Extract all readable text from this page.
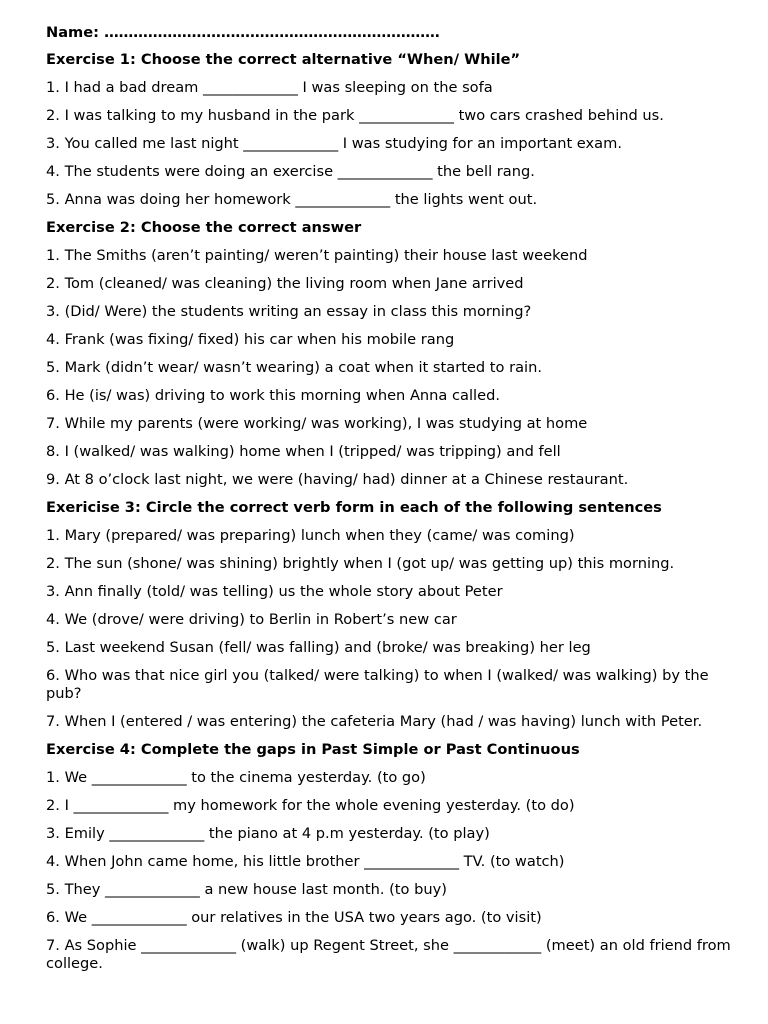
Name: ……………………………………………………………
Exercise 1: Choose the correct alternative “When/ While”
1. I had a bad dream _____________ I was sleeping on the sofa
2. I was talking to my husband in the park _____________ two cars crashed behind us.
3. You called me last night _____________ I was studying for an important exam.
4. The students were doing an exercise _____________ the bell rang.
5. Anna was doing her homework _____________ the lights went out.
Exercise 2: Choose the correct answer
1. The Smiths (aren’t painting/ weren’t painting) their house last weekend
2. Tom (cleaned/ was cleaning) the living room when Jane arrived
3. (Did/ Were) the students writing an essay in class this morning?
4. Frank (was fixing/ fixed) his car when his mobile rang
5. Mark (didn’t wear/ wasn’t wearing) a coat when it started to rain.
6. He (is/ was) driving to work this morning when Anna called.
7. While my parents (were working/ was working), I was studying at home
8. I (walked/ was walking) home when I (tripped/ was tripping) and fell
9. At 8 o’clock last night, we were (having/ had) dinner at a Chinese restaurant.
Exericise 3: Circle the correct verb form in each of the following sentences
1. Mary (prepared/ was preparing) lunch when they (came/ was coming)
2. The sun (shone/ was shining) brightly when I (got up/ was getting up) this morning.
3. Ann finally (told/ was telling) us the whole story about Peter
4. We (drove/ were driving) to Berlin in Robert’s new car
5. Last weekend Susan (fell/ was falling) and (broke/ was breaking) her leg
6. Who was that nice girl you (talked/ were talking) to when I (walked/ was walking) by the pub?
7. When I (entered / was entering) the cafeteria Mary (had / was having) lunch with Peter.
Exercise 4: Complete the gaps in Past Simple or Past Continuous
1. We _____________ to the cinema yesterday. (to go)
2. I _____________ my homework for the whole evening yesterday. (to do)
3. Emily _____________ the piano at 4 p.m yesterday. (to play)
4. When John came home, his little brother _____________ TV. (to watch)
5. They _____________ a new house last month. (to buy)
6. We _____________ our relatives in the USA two years ago. (to visit)
7. As Sophie _____________ (walk) up Regent Street, she ____________ (meet) an old friend from college.
